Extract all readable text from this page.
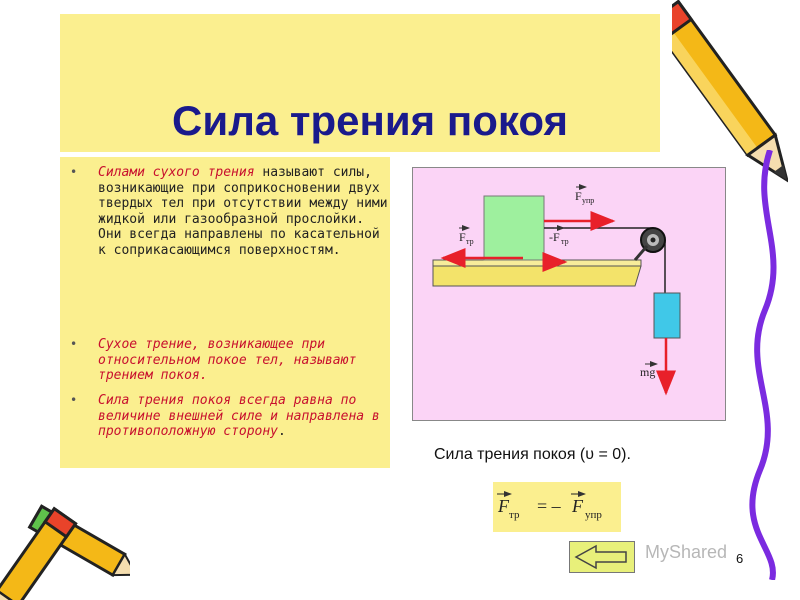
Сила трения покоя
• Силами сухого трения называют силы, возникающие при соприкосновении двух твердых тел при отсутствии между ними жидкой или газообразной прослойки. Они всегда направлены по касательной к соприкасающимся поверхностям.

• Сухое трение, возникающее при относительном покое тел, называют трением покоя.

• Сила трения покоя всегда равна по величине внешней силе и направлена в противоположную сторону.

F упр
F тр	-F тр
mg
Сила трения покоя (υ = 0).
F тр = – F упр
MyShared 6
